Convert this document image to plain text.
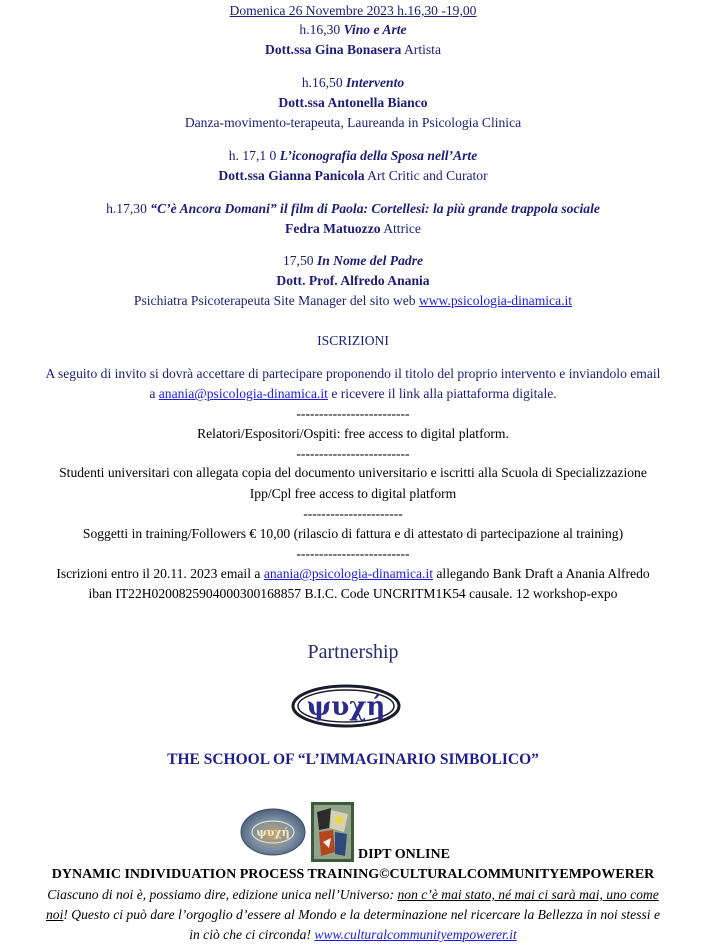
Domenica 26 Novembre 2023 h.16,30 -19,00
h.16,30 Vino e Arte
Dott.ssa Gina Bonasera Artista
h.16,50 Intervento
Dott.ssa Antonella Bianco
Danza-movimento-terapeuta, Laureanda in Psicologia Clinica
h. 17,1 0 L’iconografia della Sposa nell’Arte
Dott.ssa Gianna Panicola Art Critic and Curator
h.17,30 “C’è Ancora Domani” il film di Paola: Cortellesi: la più grande trappola sociale
Fedra Matuozzo Attrice
17,50 In Nome del Padre
Dott. Prof. Alfredo Anania
Psichiatra Psicoterapeuta Site Manager del sito web www.psicologia-dinamica.it
ISCRIZIONI
A seguito di invito si dovrà accettare di partecipare proponendo il titolo del proprio intervento e inviandolo email
a anania@psicologia-dinamica.it e ricevere il link alla piattaforma digitale.
-------------------------
Relatori/Espositori/Ospiti: free access to digital platform.
-------------------------
Studenti universitari con allegata copia del documento universitario e iscritti alla Scuola di Specializzazione
Ipp/Cpl free access to digital platform
----------------------
Soggetti in training/Followers € 10,00 (rilascio di fattura e di attestato di partecipazione al training)
-------------------------
Iscrizioni entro il 20.11. 2023 email a anania@psicologia-dinamica.it allegando Bank Draft a Anania Alfredo
iban IT22H0200825904000300168857 B.I.C. Code UNCRITM1K54 causale. 12 workshop-expo
Partnership
ψυχή
THE SCHOOL OF “L’IMMAGINARIO SIMBOLICO”
ψυχή
DIPT ONLINE
DYNAMIC INDIVIDUATION PROCESS TRAINING©CULTURALCOMMUNITYEMPOWERER
Ciascuno di noi è, possiamo dire, edizione unica nell’Universo: non c’è mai stato, né mai ci sarà mai, uno come
noi! Questo ci può dare l’orgoglio d’essere al Mondo e la determinazione nel ricercare la Bellezza in noi stessi e
in ciò che ci circonda! www.culturalcommunityempowerer.it
